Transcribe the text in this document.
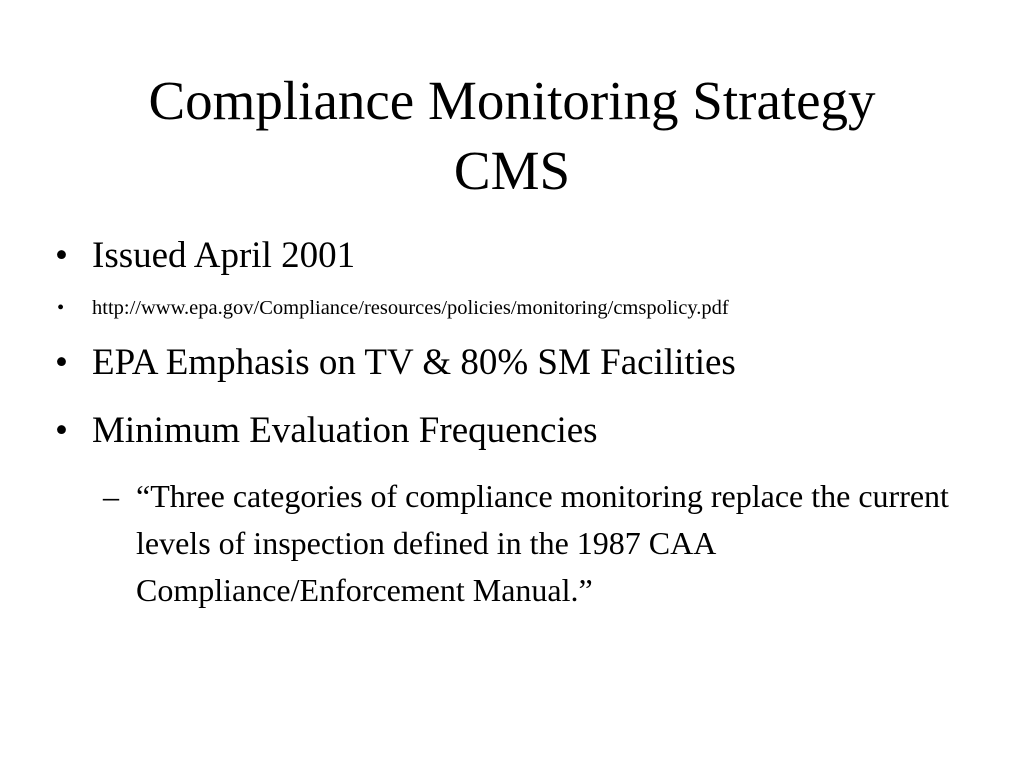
Compliance Monitoring Strategy
CMS
• Issued April 2001
• http://www.epa.gov/Compliance/resources/policies/monitoring/cmspolicy.pdf
• EPA Emphasis on TV & 80% SM Facilities
• Minimum Evaluation Frequencies
– “Three categories of compliance monitoring replace the current levels of inspection defined in the 1987 CAA Compliance/Enforcement Manual.”
